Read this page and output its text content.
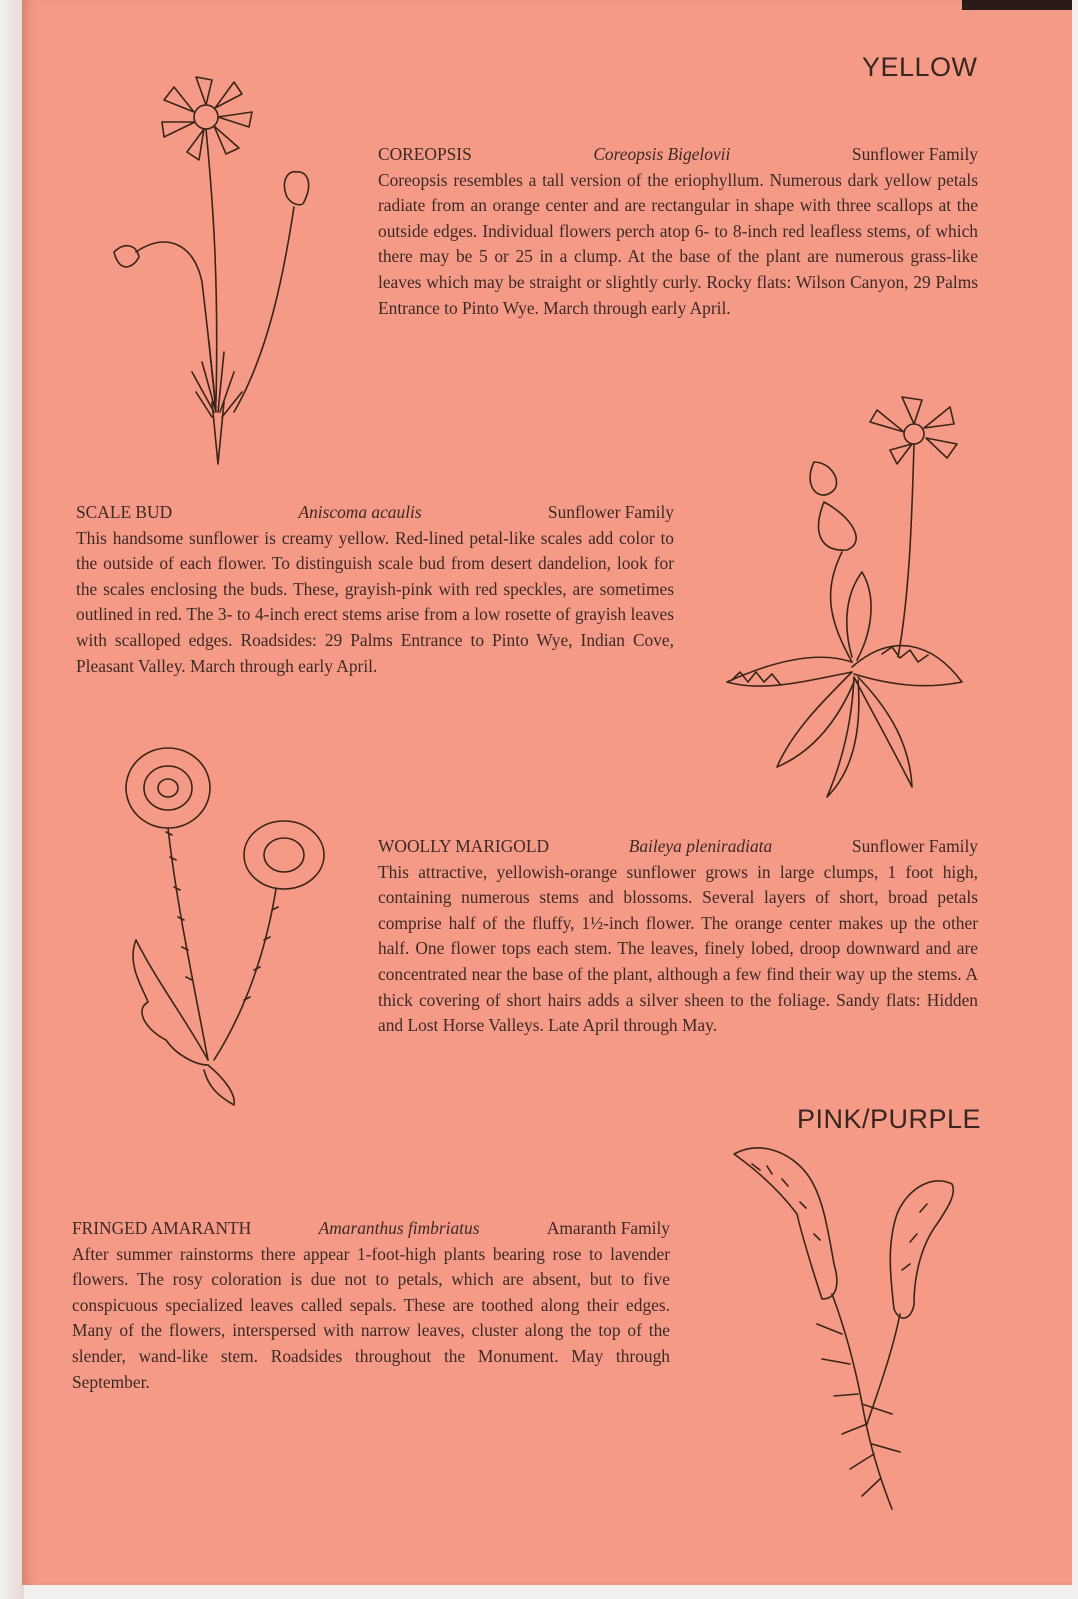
YELLOW
PINK/PURPLE
COREOPSIS	Coreopsis Bigelovii	Sunflower Family
Coreopsis resembles a tall version of the eriophyllum. Numerous dark yellow petals radiate from an orange center and are rectangular in shape with three scallops at the outside edges. Individual flowers perch atop 6- to 8-inch red leafless stems, of which there may be 5 or 25 in a clump. At the base of the plant are numerous grass-like leaves which may be straight or slightly curly. Rocky flats: Wilson Canyon, 29 Palms Entrance to Pinto Wye. March through early April.
SCALE BUD	Aniscoma acaulis	Sunflower Family
This handsome sunflower is creamy yellow. Red-lined petal-like scales add color to the outside of each flower. To distinguish scale bud from desert dandelion, look for the scales enclosing the buds. These, grayish-pink with red speckles, are sometimes outlined in red. The 3- to 4-inch erect stems arise from a low rosette of grayish leaves with scalloped edges. Roadsides: 29 Palms Entrance to Pinto Wye, Indian Cove, Pleasant Valley. March through early April.
WOOLLY MARIGOLD	Baileya pleniradiata	Sunflower Family
This attractive, yellowish-orange sunflower grows in large clumps, 1 foot high, containing numerous stems and blossoms. Several layers of short, broad petals comprise half of the fluffy, 1½-inch flower. The orange center makes up the other half. One flower tops each stem. The leaves, finely lobed, droop downward and are concentrated near the base of the plant, although a few find their way up the stems. A thick covering of short hairs adds a silver sheen to the foliage. Sandy flats: Hidden and Lost Horse Valleys. Late April through May.
FRINGED AMARANTH	Amaranthus fimbriatus	Amaranth Family
After summer rainstorms there appear 1-foot-high plants bearing rose to lavender flowers. The rosy coloration is due not to petals, which are absent, but to five conspicuous specialized leaves called sepals. These are toothed along their edges. Many of the flowers, interspersed with narrow leaves, cluster along the top of the slender, wand-like stem. Roadsides throughout the Monument. May through September.
